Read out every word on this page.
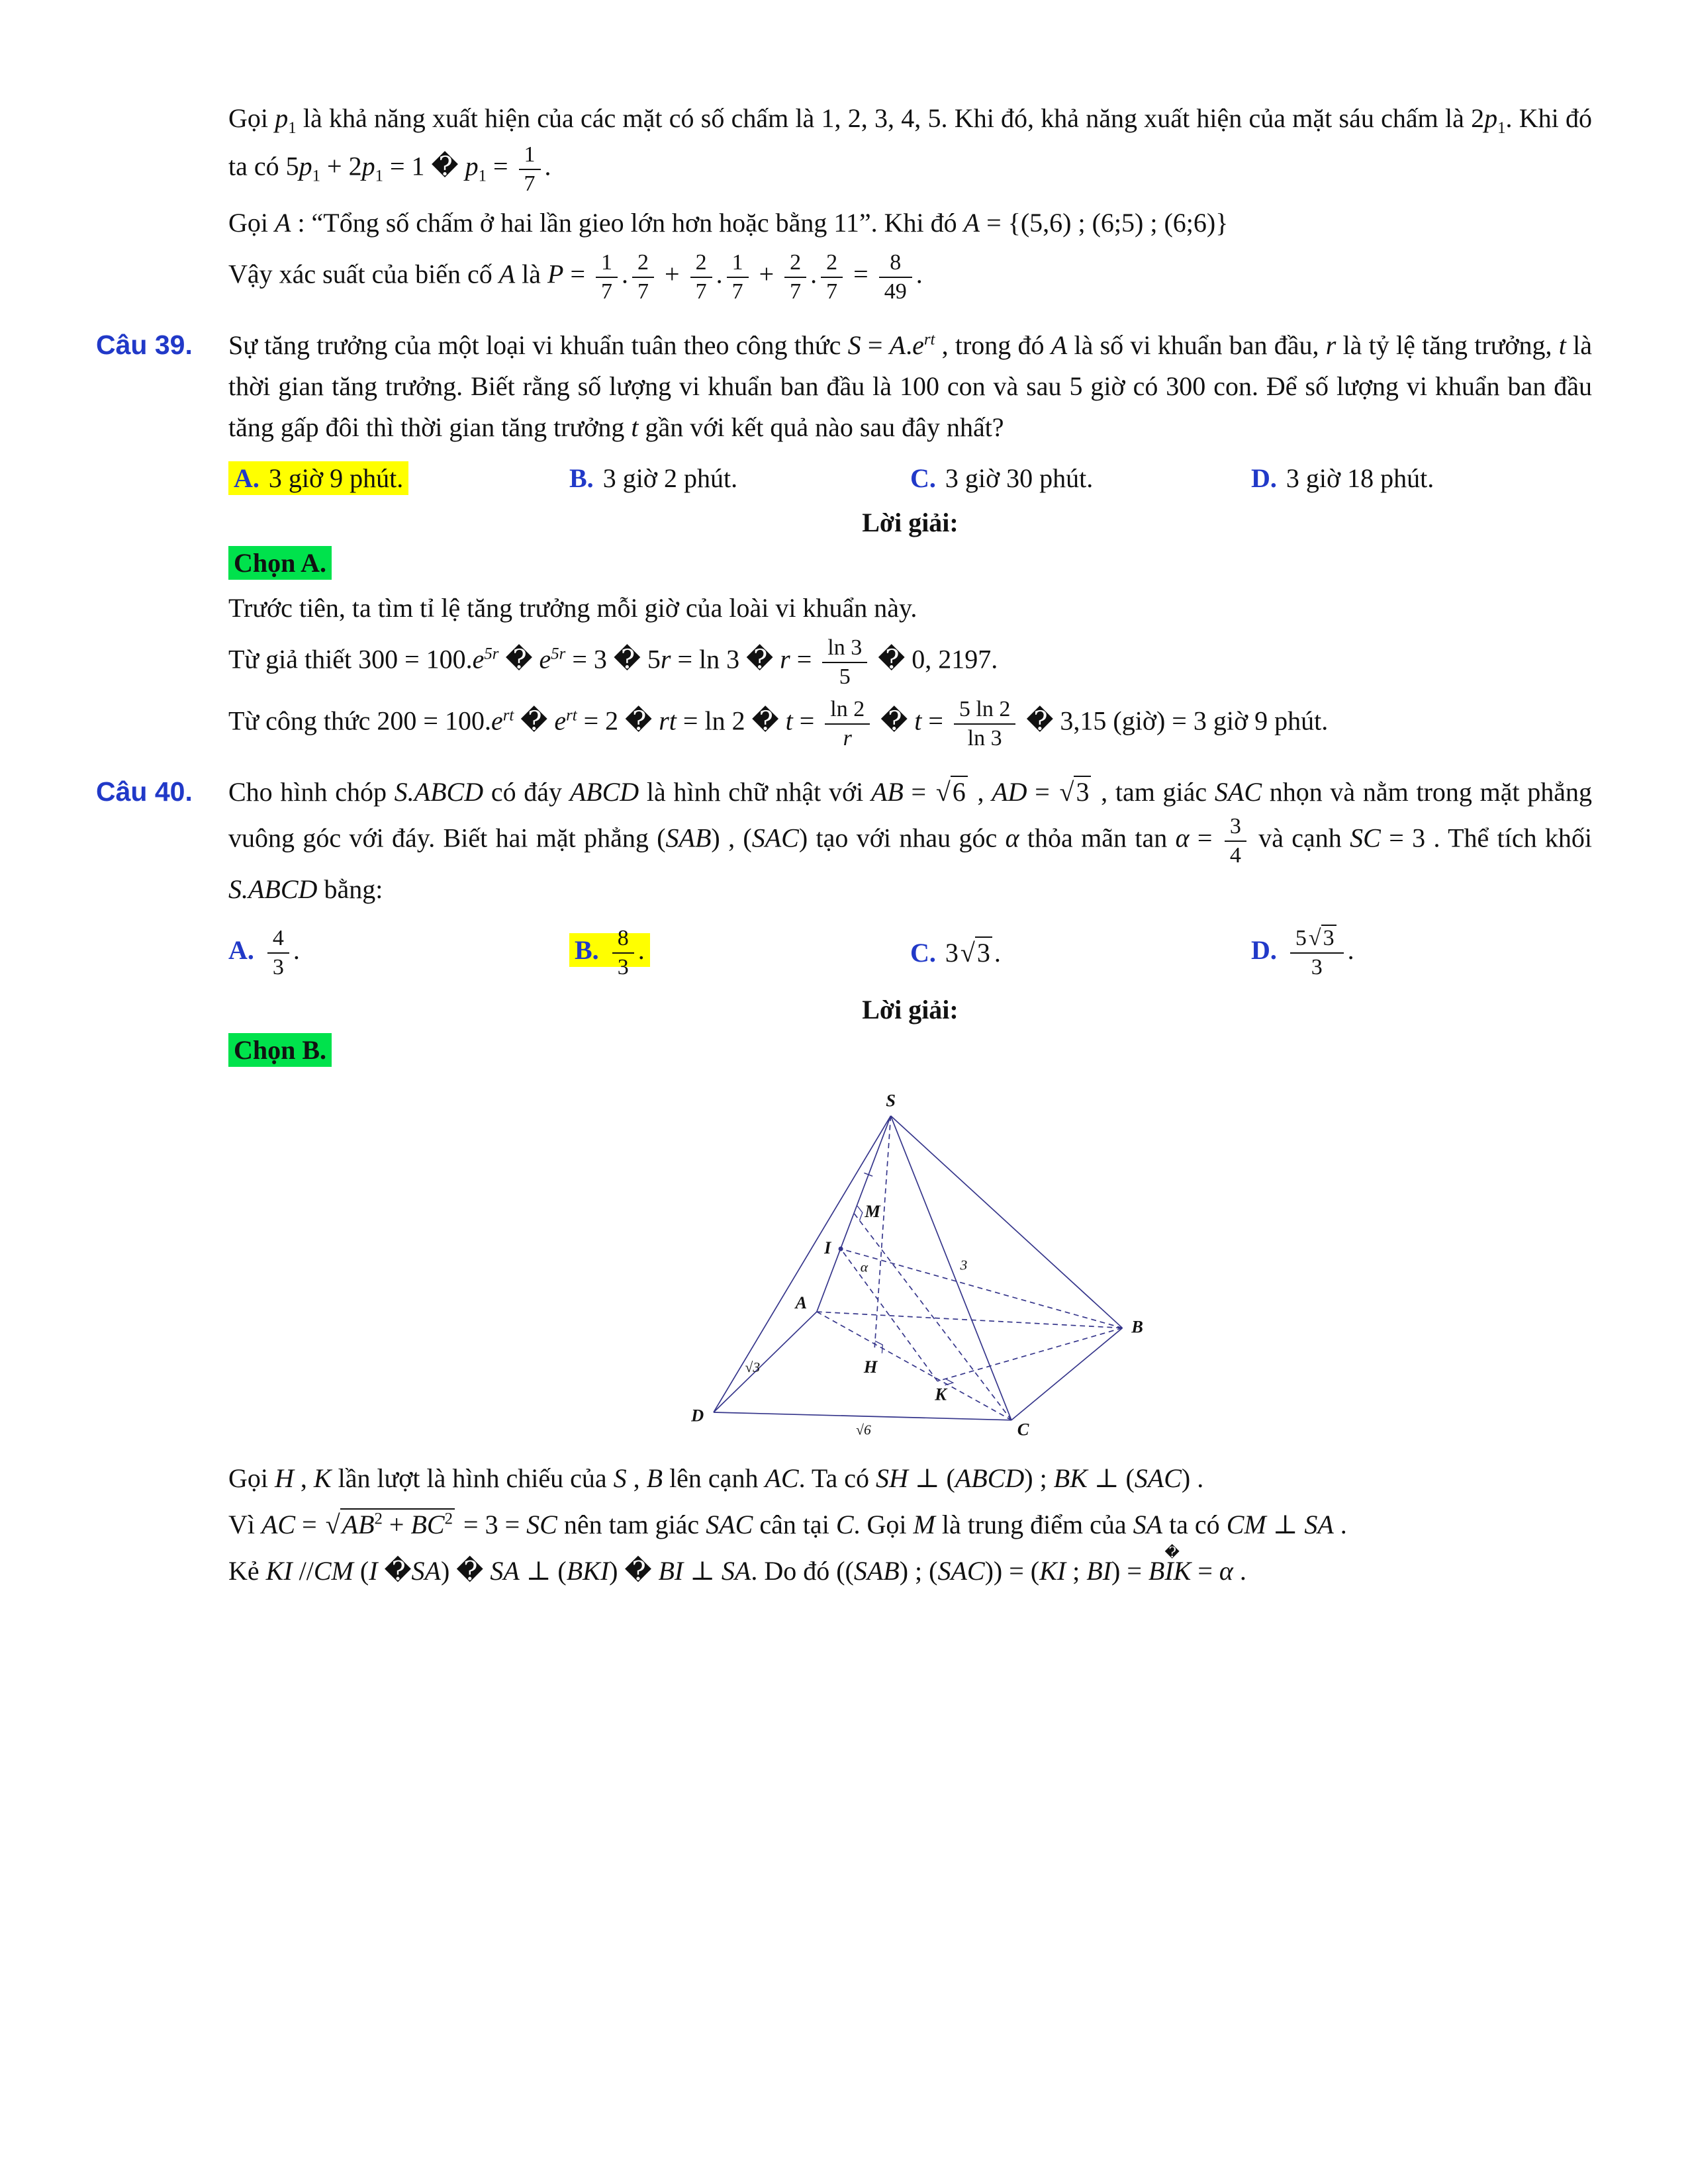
Gọi $p_1$ là khả năng xuất hiện của các mặt có số chấm là 1, 2, 3, 4, 5. Khi đó, khả năng xuất hiện của mặt sáu chấm là $2p_1$. Khi đó ta có $5p_1 + 2p_1 = 1$ � $p_1 = \frac{1}{7}$ .
Gọi A : “Tổng số chấm ở hai lần gieo lớn hơn hoặc bằng 11”. Khi đó A = {(5,6) ; (6;5) ; (6;6)}
Vậy xác suất của biến cố A là $P = \frac{1}{7}$ . $\frac{2}{7} + \frac{2}{7}$ . $\frac{1}{7} + \frac{2}{7}$ . $\frac{2}{7} = \frac{8}{49}$ .
Câu 39.	Sự tăng trưởng của một loại vi khuẩn tuân theo công thức $S = A.e^{rt}$ , trong đó A là số vi khuẩn ban đầu, r là tỷ lệ tăng trưởng, t là thời gian tăng trưởng. Biết rằng số lượng vi khuẩn ban đầu là 100 con và sau 5 giờ có 300 con. Để số lượng vi khuẩn ban đầu tăng gấp đôi thì thời gian tăng trưởng t gần với kết quả nào sau đây nhất?
A. 3 giờ 9 phút.	B. 3 giờ 2 phút.	C. 3 giờ 30 phút.	D. 3 giờ 18 phút.
Lời giải:
Chọn A.
Trước tiên, ta tìm tỉ lệ tăng trưởng mỗi giờ của loài vi khuẩn này.
Từ giả thiết $300 = 100.e^{5r}$ � $e^{5r} = 3$ � 5r = ln 3 � $r = \frac{\ln 3}{5}$ � 0, 2197.
Từ công thức $200 = 100.e^{rt}$ � $e^{rt} = 2$ � rt = ln 2 � $t = \frac{\ln 2}{r}$ � $t = \frac{5 \ln 2}{\ln 3}$ � 3,15 (giờ) = 3 giờ 9 phút.
Câu 40.	Cho hình chóp S.ABCD có đáy ABCD là hình chữ nhật với AB = √6 , AD = √3 , tam giác SAC nhọn và nằm trong mặt phẳng vuông góc với đáy. Biết hai mặt phẳng (SAB) , (SAC) tạo với nhau góc α thỏa mãn $\tan \alpha = \frac{3}{4}$ và cạnh SC = 3 . Thể tích khối S.ABCD bằng:
A. $\frac{4}{3}$ .	B. $\frac{8}{3}$ .	C. 3√3 .	D. $\frac{5√3}{3}$ .
Lời giải:
Chọn B.
S
M
I
A
B
H
K
D
C
√3
√6
3
α
Gọi H , K lần lượt là hình chiếu của S , B lên cạnh AC. Ta có SH ⊥ (ABCD) ; BK ⊥ (SAC) .
Vì AC = $√AB^2 + BC^2 = 3$ = SC nên tam giác SAC cân tại C. Gọi M là trung điểm của SA ta có CM ⊥ SA .
Kẻ KI //CM (I �SA) � SA ⊥ (BKI) � BI ⊥ SA. Do đó ((SAB) ; (SAC)) = (KI ; BI) =
�
BIK = α .
